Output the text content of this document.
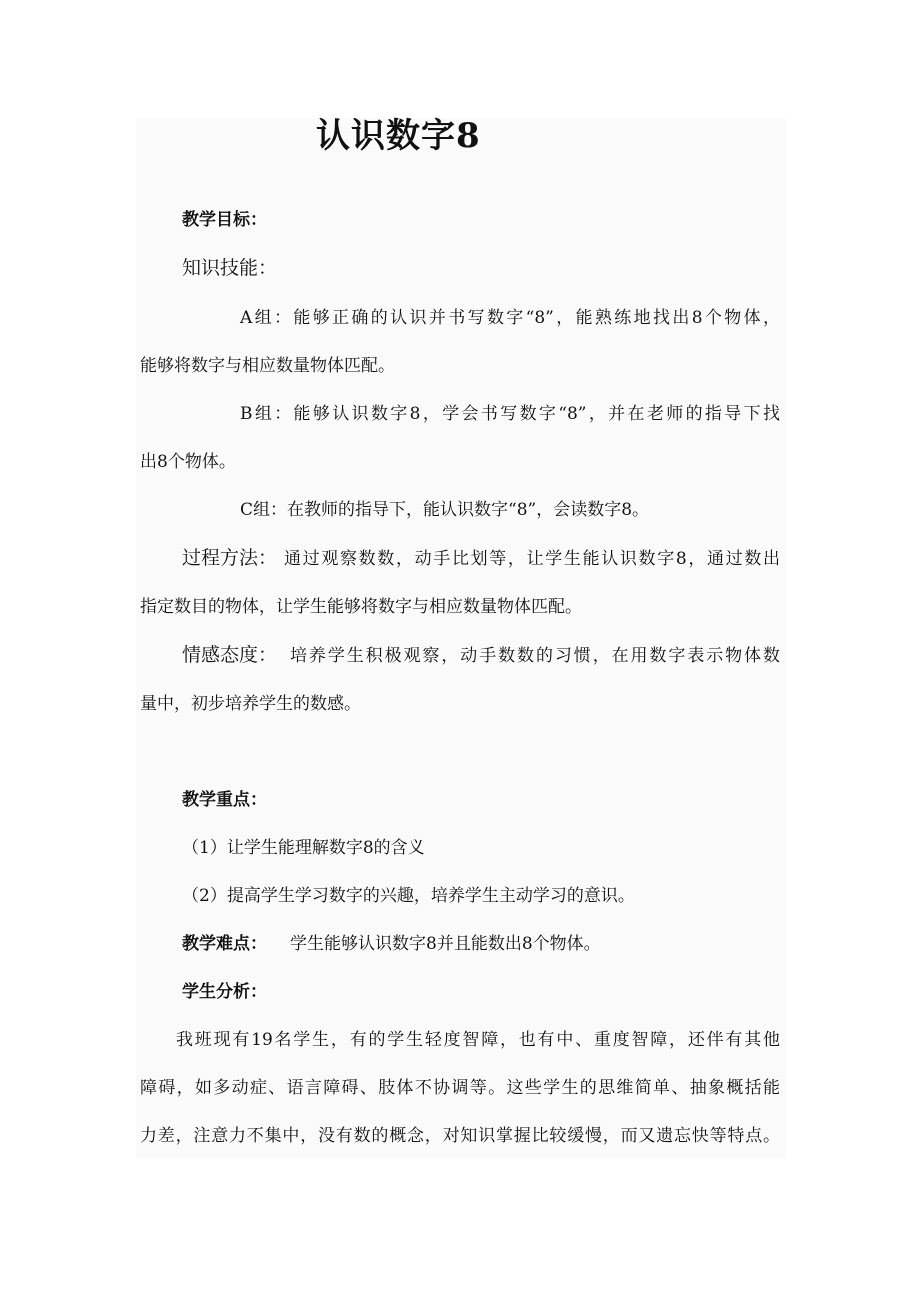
认识数字8
教学目标：
知识技能：
A组：能够正确的认识并书写数字“8”，能熟练地找出8个物体，
能够将数字与相应数量物体匹配。
B组：能够认识数字8，学会书写数字“8”，并在老师的指导下找
出8个物体。
C组：在教师的指导下，能认识数字“8”，会读数字8。
过程方法： 通过观察数数，动手比划等，让学生能认识数字8，通过数出
指定数目的物体，让学生能够将数字与相应数量物体匹配。
情感态度： 培养学生积极观察，动手数数的习惯，在用数字表示物体数
量中，初步培养学生的数感。
教学重点：
（1）让学生能理解数字8的含义
（2）提高学生学习数字的兴趣，培养学生主动学习的意识。
教学难点： 学生能够认识数字8并且能数出8个物体。
学生分析：
我班现有19名学生，有的学生轻度智障，也有中、重度智障，还伴有其他
障碍，如多动症、语言障碍、肢体不协调等。这些学生的思维简单、抽象概括能
力差，注意力不集中，没有数的概念，对知识掌握比较缓慢，而又遗忘快等特点。
